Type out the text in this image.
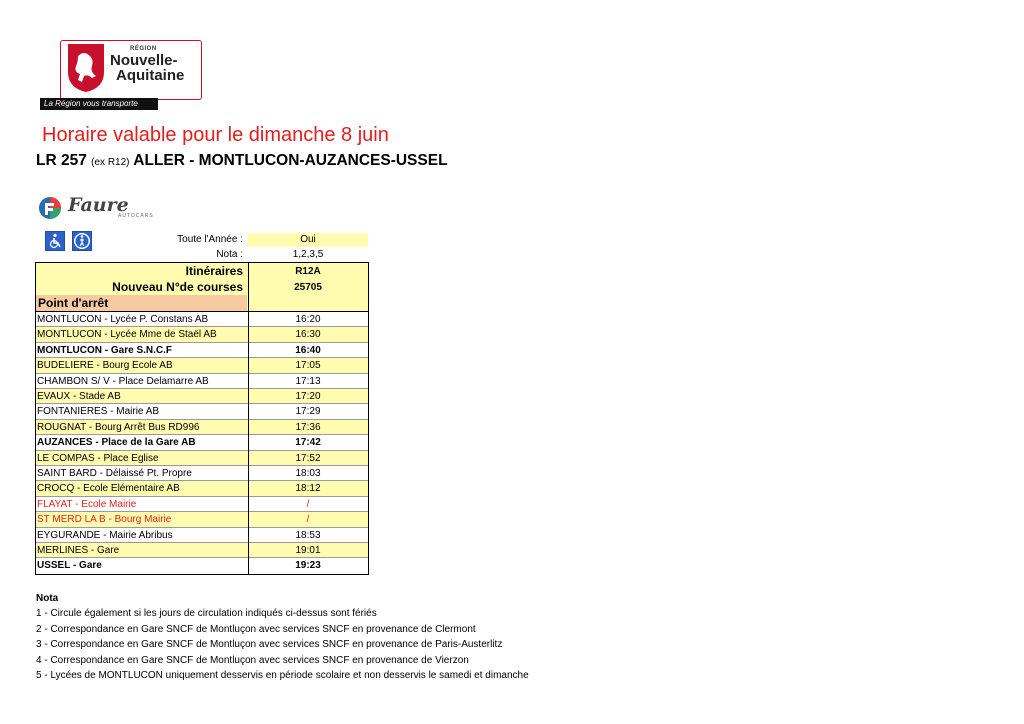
RÉGION
Nouvelle-
Aquitaine
La Région vous transporte
Horaire valable pour le dimanche 8 juin
LR 257 (ex R12) ALLER - MONTLUCON-AUZANCES-USSEL
Faure
AUTOCARS
Toute l'Année :	Oui
Nota :	1,2,3,5
Itinéraires	R12A
Nouveau N°de courses	25705
Point d'arrêt
MONTLUCON - Lycée P. Constans AB	16:20
MONTLUCON - Lycée Mme de Staël AB	16:30
MONTLUCON - Gare S.N.C.F	16:40
BUDELIERE - Bourg Ecole AB	17:05
CHAMBON S/ V - Place Delamarre AB	17:13
EVAUX - Stade AB	17:20
FONTANIERES - Mairie AB	17:29
ROUGNAT - Bourg Arrêt Bus RD996	17:36
AUZANCES - Place de la Gare AB	17:42
LE COMPAS - Place Eglise	17:52
SAINT BARD - Délaissé Pt. Propre	18:03
CROCQ - Ecole Elémentaire AB	18:12
FLAYAT - Ecole Mairie	/
ST MERD LA B - Bourg Mairie	/
EYGURANDE - Mairie Abribus	18:53
MERLINES - Gare	19:01
USSEL - Gare	19:23
Nota
1 - Circule également si les jours de circulation indiqués ci-dessus sont fériés
2 - Correspondance en Gare SNCF de Montluçon avec services SNCF en provenance de Clermont
3 - Correspondance en Gare SNCF de Montluçon avec services SNCF en provenance de Paris-Austerlitz
4 - Correspondance en Gare SNCF de Montluçon avec services SNCF en provenance de Vierzon
5 - Lycées de MONTLUCON uniquement desservis en période scolaire et non desservis le samedi et dimanche
